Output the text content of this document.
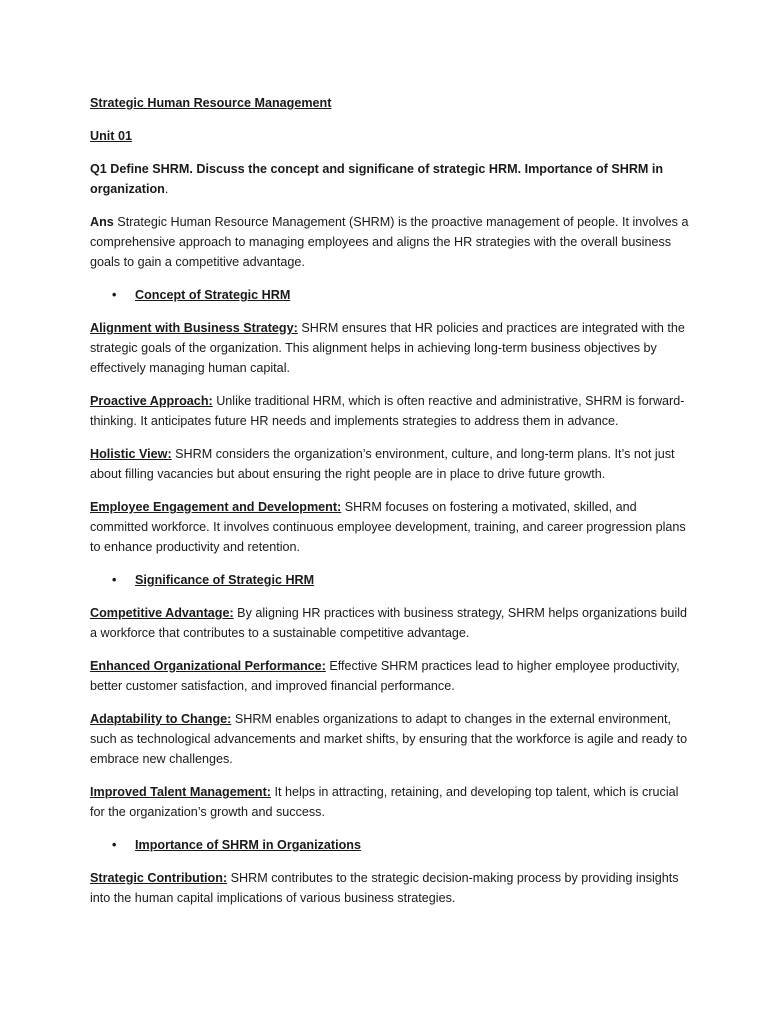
Strategic Human Resource Management

Unit 01

Q1 Define SHRM. Discuss the concept and significane of strategic HRM. Importance of SHRM in organization.

Ans Strategic Human Resource Management (SHRM) is the proactive management of people. It involves a comprehensive approach to managing employees and aligns the HR strategies with the overall business goals to gain a competitive advantage.

• Concept of Strategic HRM

Alignment with Business Strategy: SHRM ensures that HR policies and practices are integrated with the strategic goals of the organization. This alignment helps in achieving long-term business objectives by effectively managing human capital.

Proactive Approach: Unlike traditional HRM, which is often reactive and administrative, SHRM is forward-thinking. It anticipates future HR needs and implements strategies to address them in advance.

Holistic View: SHRM considers the organization’s environment, culture, and long-term plans. It’s not just about filling vacancies but about ensuring the right people are in place to drive future growth.

Employee Engagement and Development: SHRM focuses on fostering a motivated, skilled, and committed workforce. It involves continuous employee development, training, and career progression plans to enhance productivity and retention.

• Significance of Strategic HRM

Competitive Advantage: By aligning HR practices with business strategy, SHRM helps organizations build a workforce that contributes to a sustainable competitive advantage.

Enhanced Organizational Performance: Effective SHRM practices lead to higher employee productivity, better customer satisfaction, and improved financial performance.

Adaptability to Change: SHRM enables organizations to adapt to changes in the external environment, such as technological advancements and market shifts, by ensuring that the workforce is agile and ready to embrace new challenges.

Improved Talent Management: It helps in attracting, retaining, and developing top talent, which is crucial for the organization’s growth and success.

• Importance of SHRM in Organizations

Strategic Contribution: SHRM contributes to the strategic decision-making process by providing insights into the human capital implications of various business strategies.
